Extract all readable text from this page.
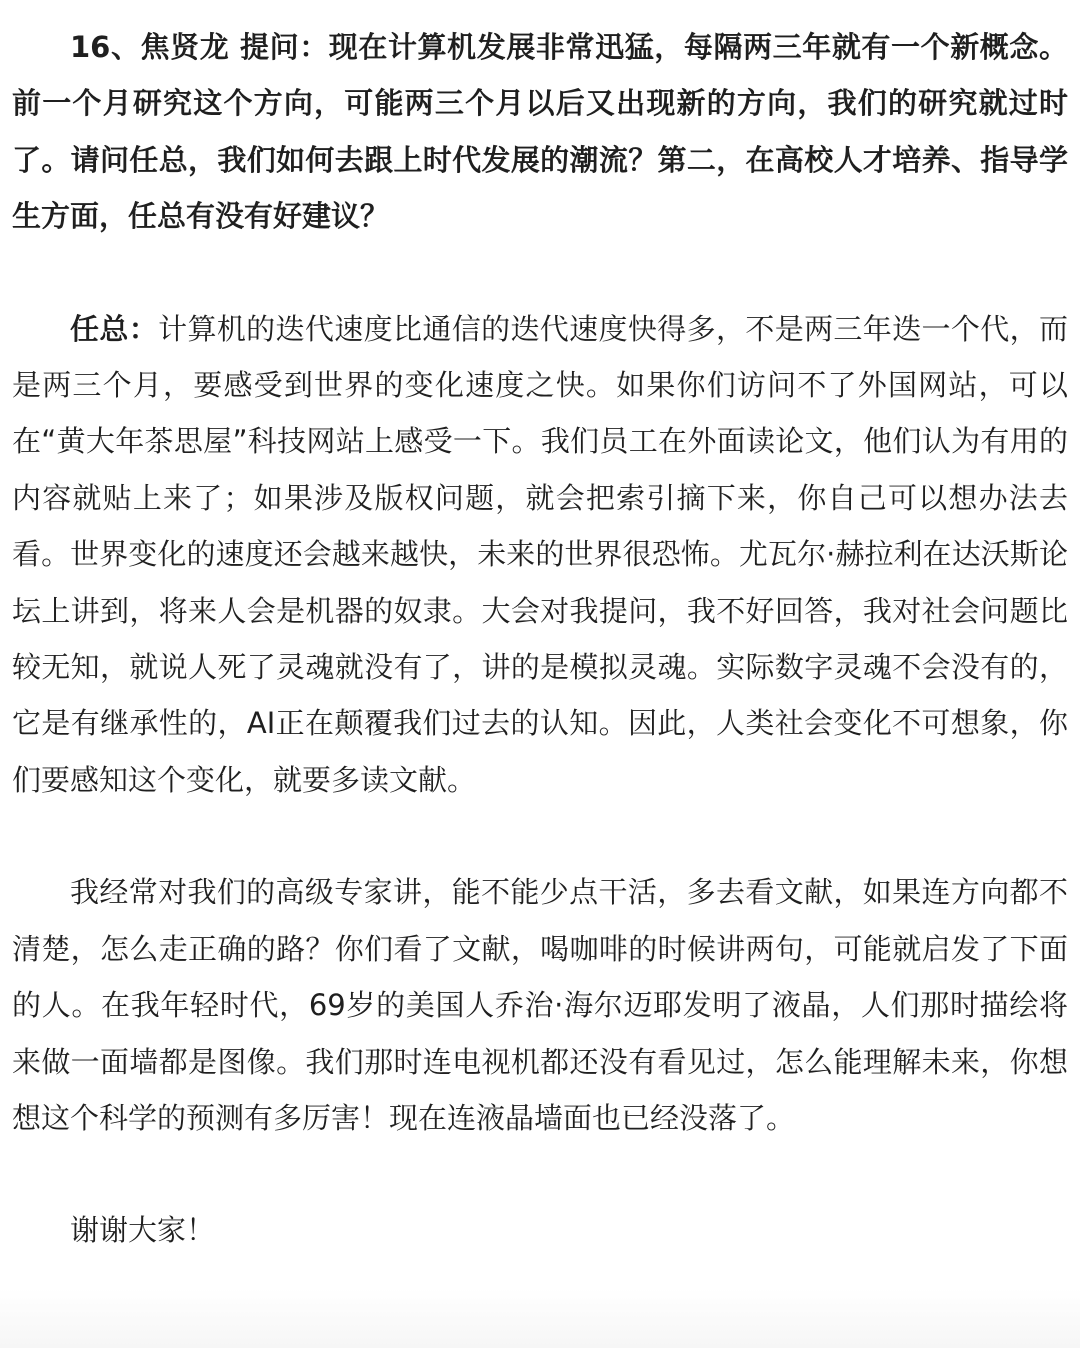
16、焦贤龙 提问：现在计算机发展非常迅猛，每隔两三年就有一个新概念。前一个月研究这个方向，可能两三个月以后又出现新的方向，我们的研究就过时了。请问任总，我们如何去跟上时代发展的潮流？第二，在高校人才培养、指导学生方面，任总有没有好建议？

任总：计算机的迭代速度比通信的迭代速度快得多，不是两三年迭一个代，而是两三个月，要感受到世界的变化速度之快。如果你们访问不了外国网站，可以在“黄大年茶思屋”科技网站上感受一下。我们员工在外面读论文，他们认为有用的内容就贴上来了；如果涉及版权问题，就会把索引摘下来，你自己可以想办法去看。世界变化的速度还会越来越快，未来的世界很恐怖。尤瓦尔·赫拉利在达沃斯论坛上讲到，将来人会是机器的奴隶。大会对我提问，我不好回答，我对社会问题比较无知，就说人死了灵魂就没有了，讲的是模拟灵魂。实际数字灵魂不会没有的，它是有继承性的，AI正在颠覆我们过去的认知。因此，人类社会变化不可想象，你们要感知这个变化，就要多读文献。

我经常对我们的高级专家讲，能不能少点干活，多去看文献，如果连方向都不清楚，怎么走正确的路？你们看了文献，喝咖啡的时候讲两句，可能就启发了下面的人。在我年轻时代，69岁的美国人乔治·海尔迈耶发明了液晶，人们那时描绘将来做一面墙都是图像。我们那时连电视机都还没有看见过，怎么能理解未来，你想想这个科学的预测有多厉害！现在连液晶墙面也已经没落了。

谢谢大家！
